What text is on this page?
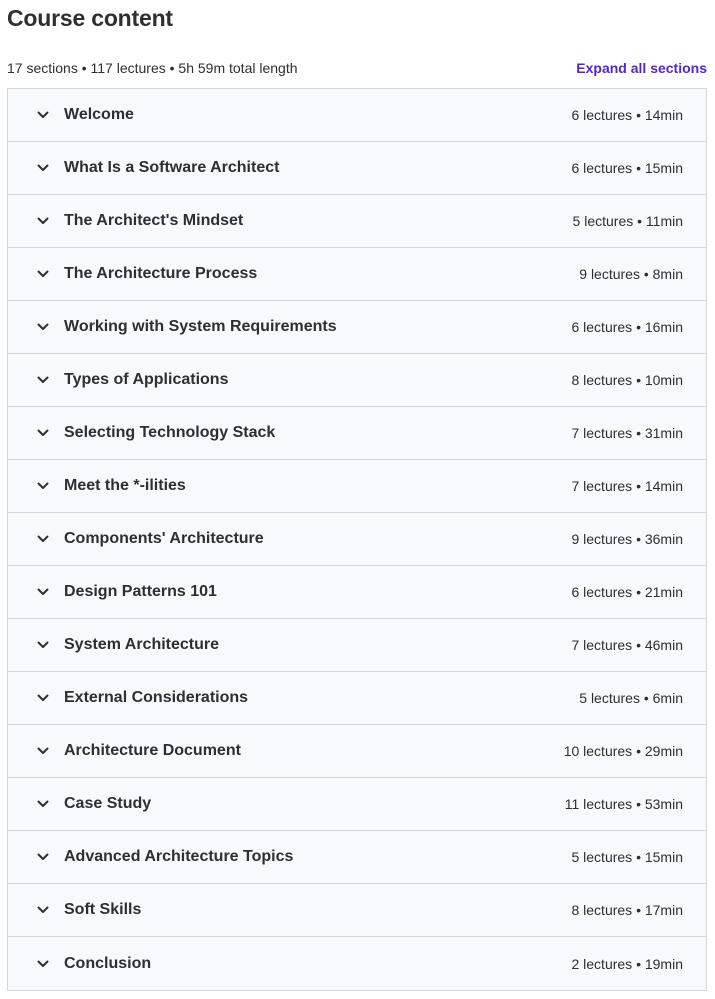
Course content
17 sections • 117 lectures • 5h 59m total length	Expand all sections
Welcome	6 lectures • 14min
What Is a Software Architect	6 lectures • 15min
The Architect's Mindset	5 lectures • 11min
The Architecture Process	9 lectures • 8min
Working with System Requirements	6 lectures • 16min
Types of Applications	8 lectures • 10min
Selecting Technology Stack	7 lectures • 31min
Meet the *-ilities	7 lectures • 14min
Components' Architecture	9 lectures • 36min
Design Patterns 101	6 lectures • 21min
System Architecture	7 lectures • 46min
External Considerations	5 lectures • 6min
Architecture Document	10 lectures • 29min
Case Study	11 lectures • 53min
Advanced Architecture Topics	5 lectures • 15min
Soft Skills	8 lectures • 17min
Conclusion	2 lectures • 19min
